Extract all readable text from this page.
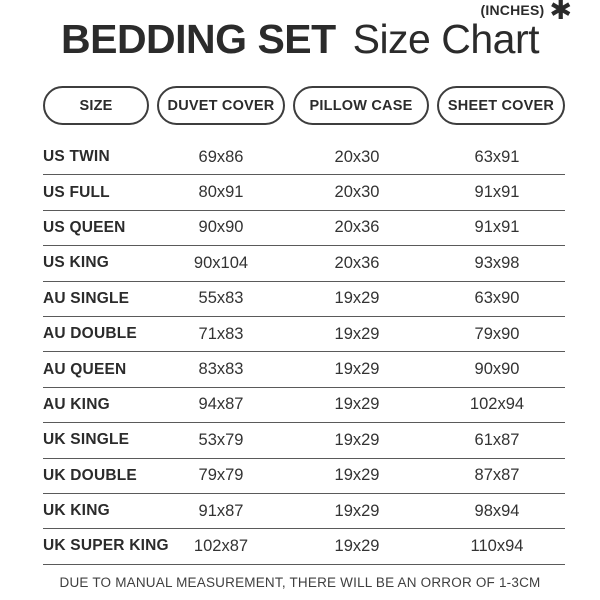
(INCHES) ✱
BEDDING SET Size Chart
SIZE	DUVET COVER	PILLOW CASE	SHEET COVER
US TWIN	69x86	20x30	63x91
US FULL	80x91	20x30	91x91
US QUEEN	90x90	20x36	91x91
US KING	90x104	20x36	93x98
AU SINGLE	55x83	19x29	63x90
AU DOUBLE	71x83	19x29	79x90
AU QUEEN	83x83	19x29	90x90
AU KING	94x87	19x29	102x94
UK SINGLE	53x79	19x29	61x87
UK DOUBLE	79x79	19x29	87x87
UK KING	91x87	19x29	98x94
UK SUPER KING	102x87	19x29	110x94
DUE TO MANUAL MEASUREMENT, THERE WILL BE AN ORROR OF 1-3CM
